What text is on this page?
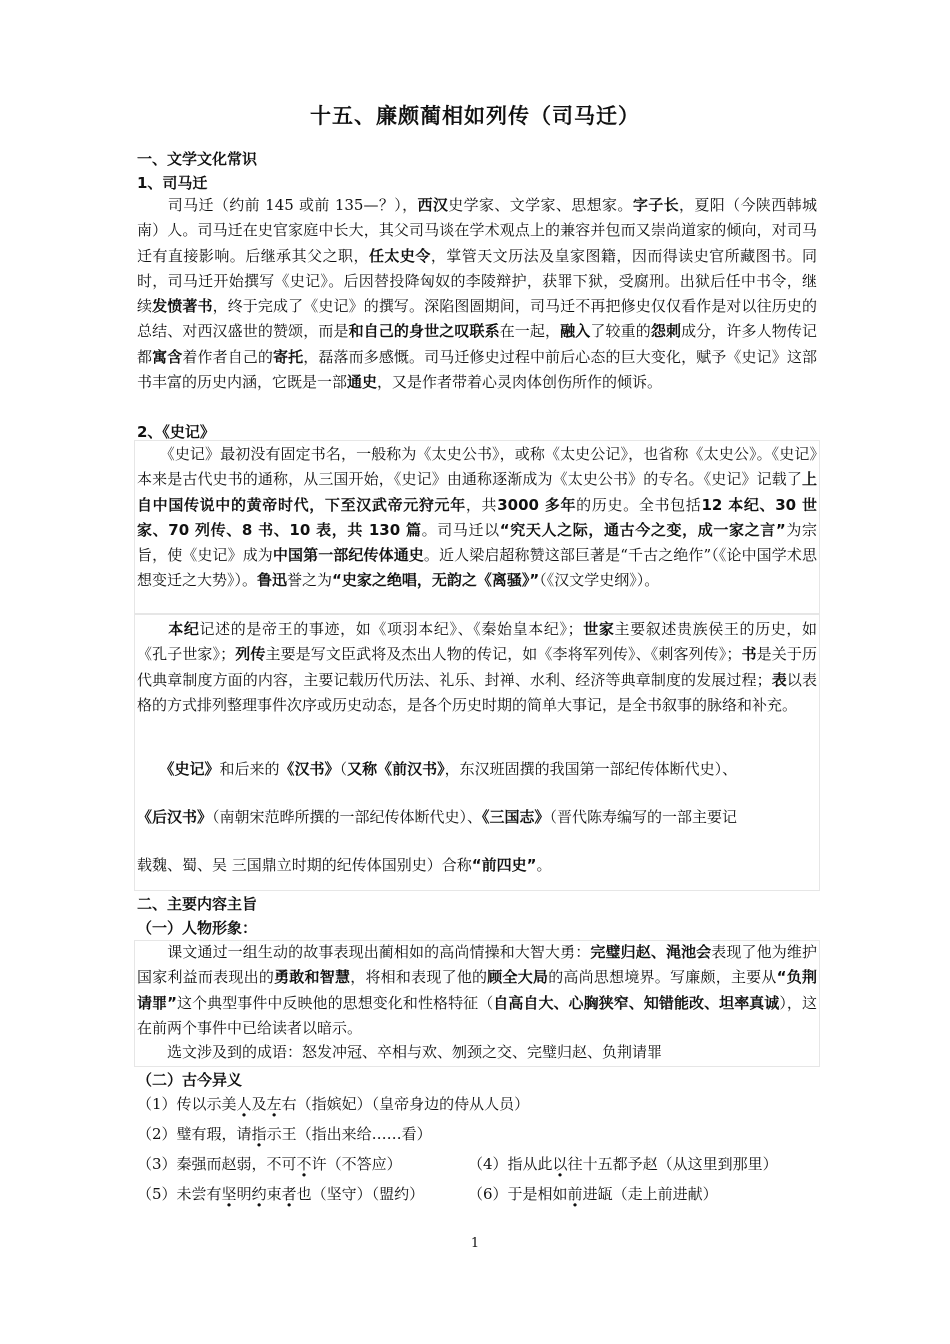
十五、廉颇蔺相如列传（司马迁）
一、文学文化常识
1、司马迁
　　司马迁（约前 145 或前 135—？），西汉史学家、文学家、思想家。字子长，夏阳（今陕西韩城南）人。司马迁在史官家庭中长大，其父司马谈在学术观点上的兼容并包而又崇尚道家的倾向，对司马迁有直接影响。后继承其父之职，任太史令，掌管天文历法及皇家图籍，因而得读史官所藏图书。同时，司马迁开始撰写《史记》。后因替投降匈奴的李陵辩护，获罪下狱，受腐刑。出狱后任中书令，继续发愤著书，终于完成了《史记》的撰写。深陷图圄期间，司马迁不再把修史仅仅看作是对以往历史的总结、对西汉盛世的赞颂，而是和自己的身世之叹联系在一起，融入了较重的怨刺成分，许多人物传记都寓含着作者自己的寄托，磊落而多感慨。司马迁修史过程中前后心态的巨大变化，赋予《史记》这部书丰富的历史内涵，它既是一部通史，又是作者带着心灵肉体创伤所作的倾诉。
2、《史记》
　　《史记》最初没有固定书名，一般称为《太史公书》，或称《太史公记》，也省称《太史公》。《史记》本来是古代史书的通称，从三国开始，《史记》由通称逐渐成为《太史公书》的专名。《史记》记载了上自中国传说中的黄帝时代，下至汉武帝元狩元年，共3000 多年的历史。全书包括12 本纪、30 世家、70 列传、8 书、10 表，共 130 篇。司马迁以“究天人之际，通古今之变，成一家之言”为宗旨，使《史记》成为中国第一部纪传体通史。近人梁启超称赞这部巨著是“千古之绝作”（《论中国学术思想变迁之大势》）。鲁迅誉之为“史家之绝唱，无韵之《离骚》”（《汉文学史纲》）。
　　本纪记述的是帝王的事迹，如《项羽本纪》、《秦始皇本纪》；世家主要叙述贵族侯王的历史，如《孔子世家》；列传主要是写文臣武将及杰出人物的传记，如《李将军列传》、《刺客列传》；书是关于历代典章制度方面的内容，主要记载历代历法、礼乐、封禅、水利、经济等典章制度的发展过程；表以表格的方式排列整理事件次序或历史动态，是各个历史时期的简单大事记，是全书叙事的脉络和补充。
　　《史记》和后来的《汉书》（又称《前汉书》，东汉班固撰的我国第一部纪传体断代史）、
《后汉书》（南朝宋范晔所撰的一部纪传体断代史）、《三国志》（晋代陈寿编写的一部主要记
载魏、蜀、吴 三国鼎立时期的纪传体国别史）合称“前四史”。
二、主要内容主旨
（一）人物形象：
　　课文通过一组生动的故事表现出蔺相如的高尚情操和大智大勇：完璧归赵、渑池会表现了他为维护国家利益而表现出的勇敢和智慧，将相和表现了他的顾全大局的高尚思想境界。写廉颇，主要从“负荆请罪”这个典型事件中反映他的思想变化和性格特征（自高自大、心胸狭窄、知错能改、坦率真诚），这在前两个事件中已给读者以暗示。
　　选文涉及到的成语：怒发冲冠、卒相与欢、刎颈之交、完璧归赵、负荆请罪
（二）古今异义
（1）传以示美人及左右（指嫔妃）（皇帝身边的侍从人员）
（2）璧有瑕，请指示王（指出来给……看）
（3）秦强而赵弱，不可不许（不答应）	（4）指从此以往十五都予赵（从这里到那里）
（5）未尝有坚明约束者也（坚守）（盟约）	（6）于是相如前进缻（走上前进献）
1
